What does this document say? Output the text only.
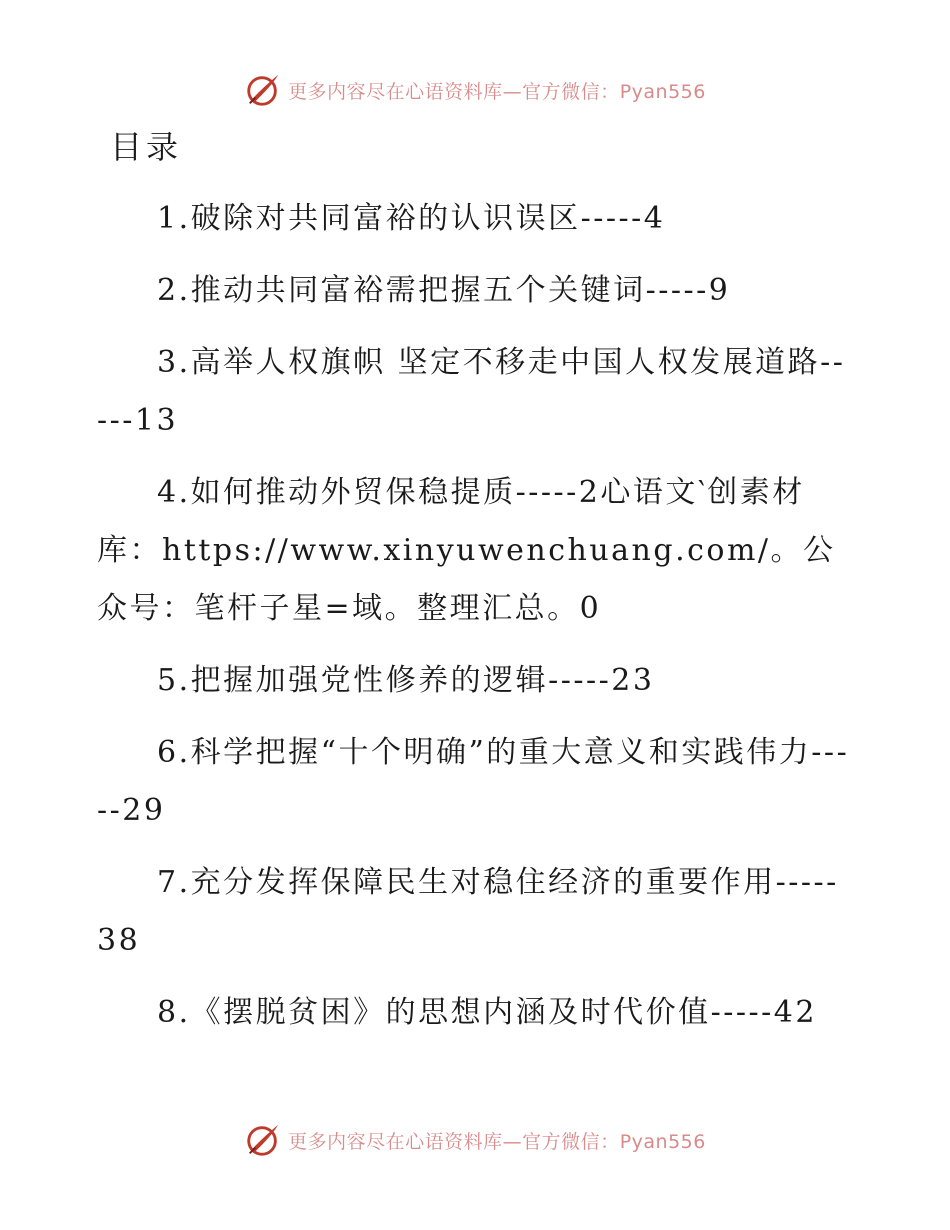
更多内容尽在心语资料库—官方微信：Pyan556
目录
1.破除对共同富裕的认识误区-----4
2.推动共同富裕需把握五个关键词-----9
3.高举人权旗帜 坚定不移走中国人权发展道路-----13
4.如何推动外贸保稳提质-----2心语文‵创素材库：https://www.xinyuwenchuang.com/。公众号：笔杆子星=域。整理汇总。0
5.把握加强党性修养的逻辑-----23
6.科学把握“十个明确”的重大意义和实践伟力-----29
7.充分发挥保障民生对稳住经济的重要作用-----38
8.《摆脱贫困》的思想内涵及时代价值-----42
更多内容尽在心语资料库—官方微信：Pyan556
